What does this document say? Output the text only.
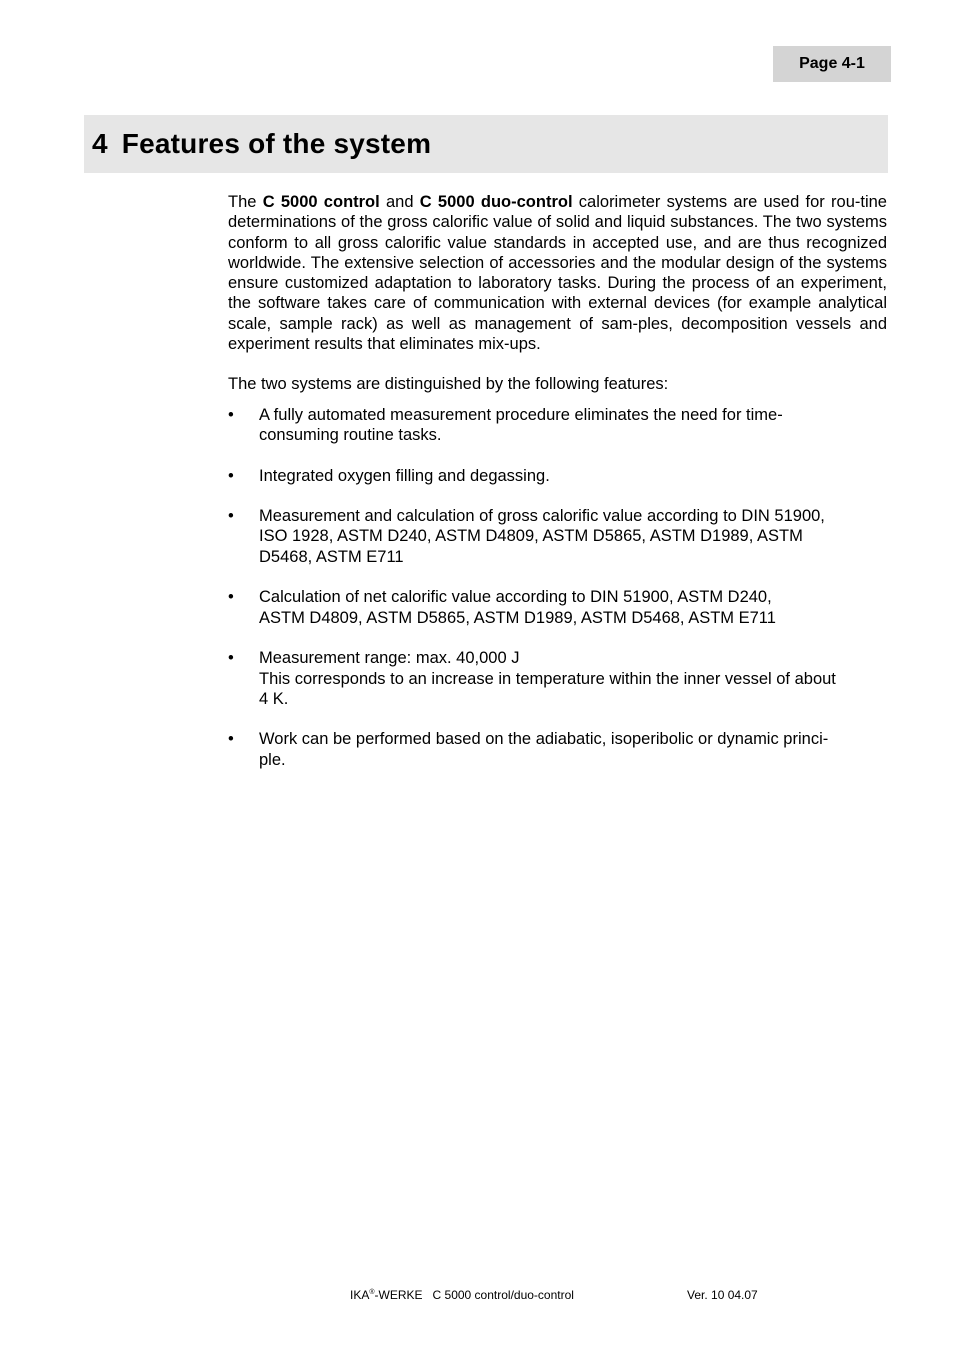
Page 4-1
4 Features of the system

The C 5000 control and C 5000 duo-control calorimeter systems are used for rou-tine determinations of the gross calorific value of solid and liquid substances. The two systems conform to all gross calorific value standards in accepted use, and are thus recognized worldwide. The extensive selection of accessories and the modular design of the systems ensure customized adaptation to laboratory tasks. During the process of an experiment, the software takes care of communication with external devices (for example analytical scale, sample rack) as well as management of sam-ples, decomposition vessels and experiment results that eliminates mix-ups.

The two systems are distinguished by the following features:

• A fully automated measurement procedure eliminates the need for time-
consuming routine tasks.
• Integrated oxygen filling and degassing.
• Measurement and calculation of gross calorific value according to DIN 51900,
ISO 1928, ASTM D240, ASTM D4809, ASTM D5865, ASTM D1989, ASTM
D5468, ASTM E711
• Calculation of net calorific value according to DIN 51900, ASTM D240,
ASTM D4809, ASTM D5865, ASTM D1989, ASTM D5468, ASTM E711
• Measurement range: max. 40,000 J
This corresponds to an increase in temperature within the inner vessel of about
4 K.
• Work can be performed based on the adiabatic, isoperibolic or dynamic princi-
ple.
IKA®-WERKE C 5000 control/duo-control	Ver. 10 04.07
